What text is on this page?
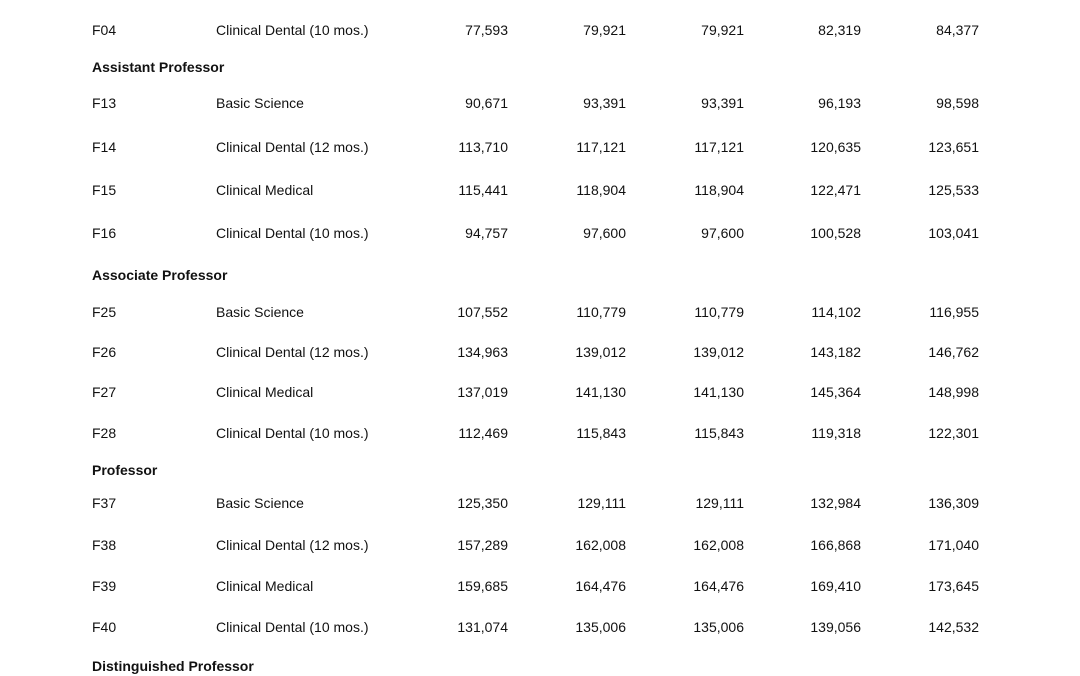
F04	Clinical Dental (10 mos.)	77,593	79,921	79,921	82,319	84,377
Assistant Professor
F13	Basic Science	90,671	93,391	93,391	96,193	98,598
F14	Clinical Dental (12 mos.)	113,710	117,121	117,121	120,635	123,651
F15	Clinical Medical	115,441	118,904	118,904	122,471	125,533
F16	Clinical Dental (10 mos.)	94,757	97,600	97,600	100,528	103,041
Associate Professor
F25	Basic Science	107,552	110,779	110,779	114,102	116,955
F26	Clinical Dental (12 mos.)	134,963	139,012	139,012	143,182	146,762
F27	Clinical Medical	137,019	141,130	141,130	145,364	148,998
F28	Clinical Dental (10 mos.)	112,469	115,843	115,843	119,318	122,301
Professor
F37	Basic Science	125,350	129,111	129,111	132,984	136,309
F38	Clinical Dental (12 mos.)	157,289	162,008	162,008	166,868	171,040
F39	Clinical Medical	159,685	164,476	164,476	169,410	173,645
F40	Clinical Dental (10 mos.)	131,074	135,006	135,006	139,056	142,532
Distinguished Professor
